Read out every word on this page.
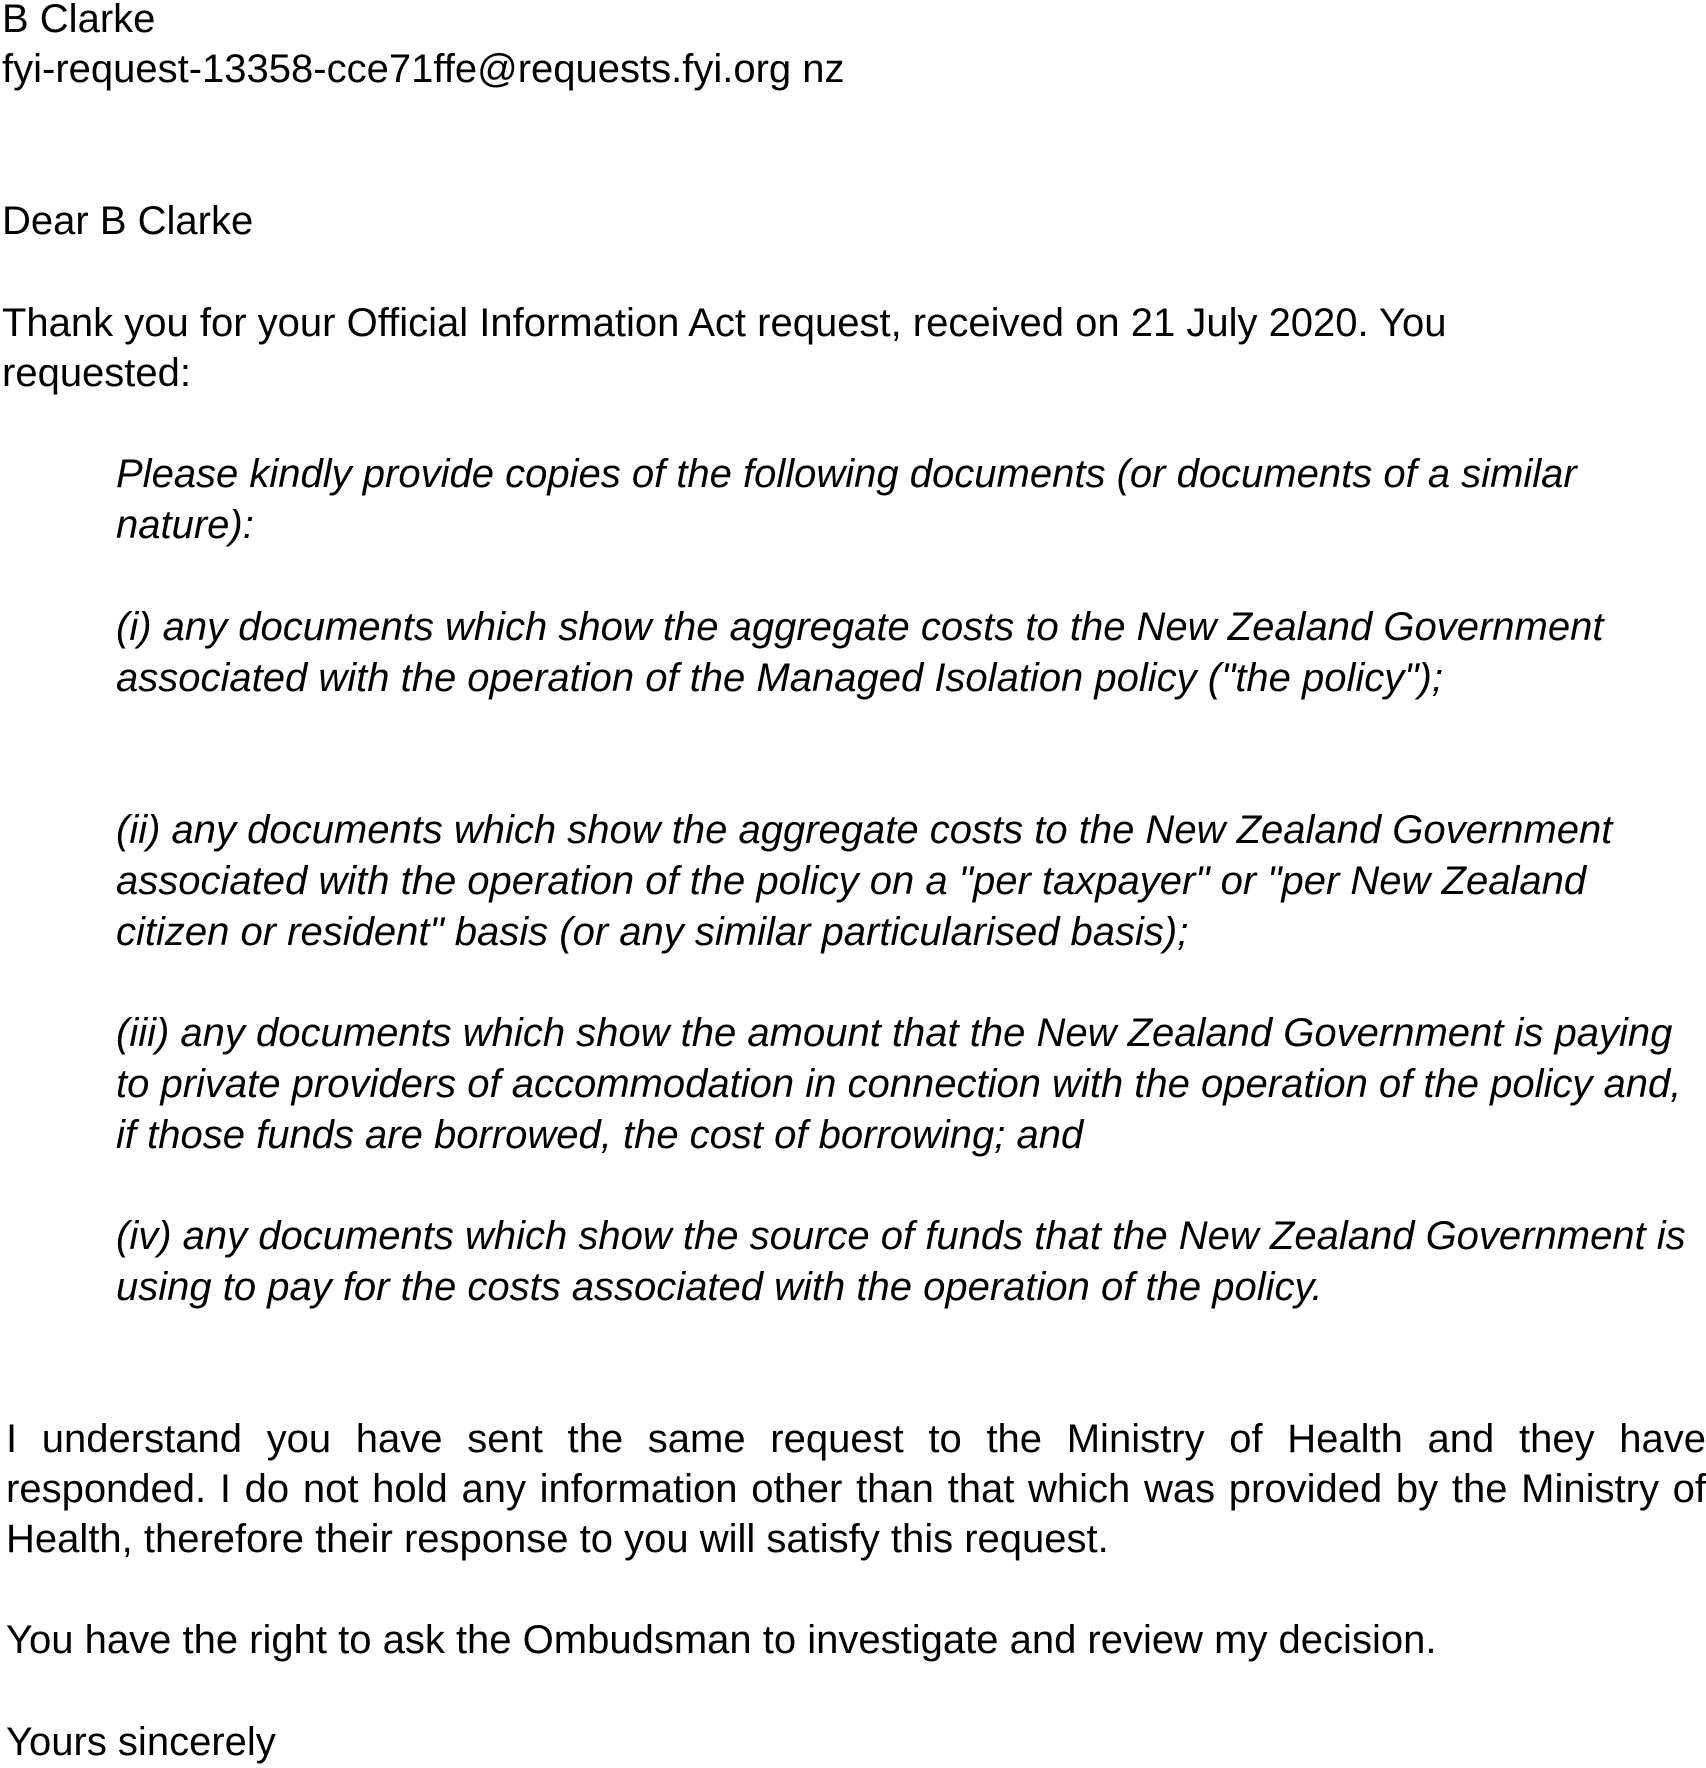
B Clarke
fyi-request-13358-cce71ffe@requests.fyi.org nz
Dear B Clarke
Thank you for your Official Information Act request, received on 21 July 2020. You
requested:

Please kindly provide copies of the following documents (or documents of a similar nature):

(i) any documents which show the aggregate costs to the New Zealand Government associated with the operation of the Managed Isolation policy ("the policy");

(ii) any documents which show the aggregate costs to the New Zealand Government associated with the operation of the policy on a "per taxpayer" or "per New Zealand citizen or resident" basis (or any similar particularised basis);

(iii) any documents which show the amount that the New Zealand Government is paying to private providers of accommodation in connection with the operation of the policy and, if those funds are borrowed, the cost of borrowing; and

(iv) any documents which show the source of funds that the New Zealand Government is using to pay for the costs associated with the operation of the policy.

I understand you have sent the same request to the Ministry of Health and they have responded. I do not hold any information other than that which was provided by the Ministry of Health, therefore their response to you will satisfy this request.

You have the right to ask the Ombudsman to investigate and review my decision.
Yours sincerely
